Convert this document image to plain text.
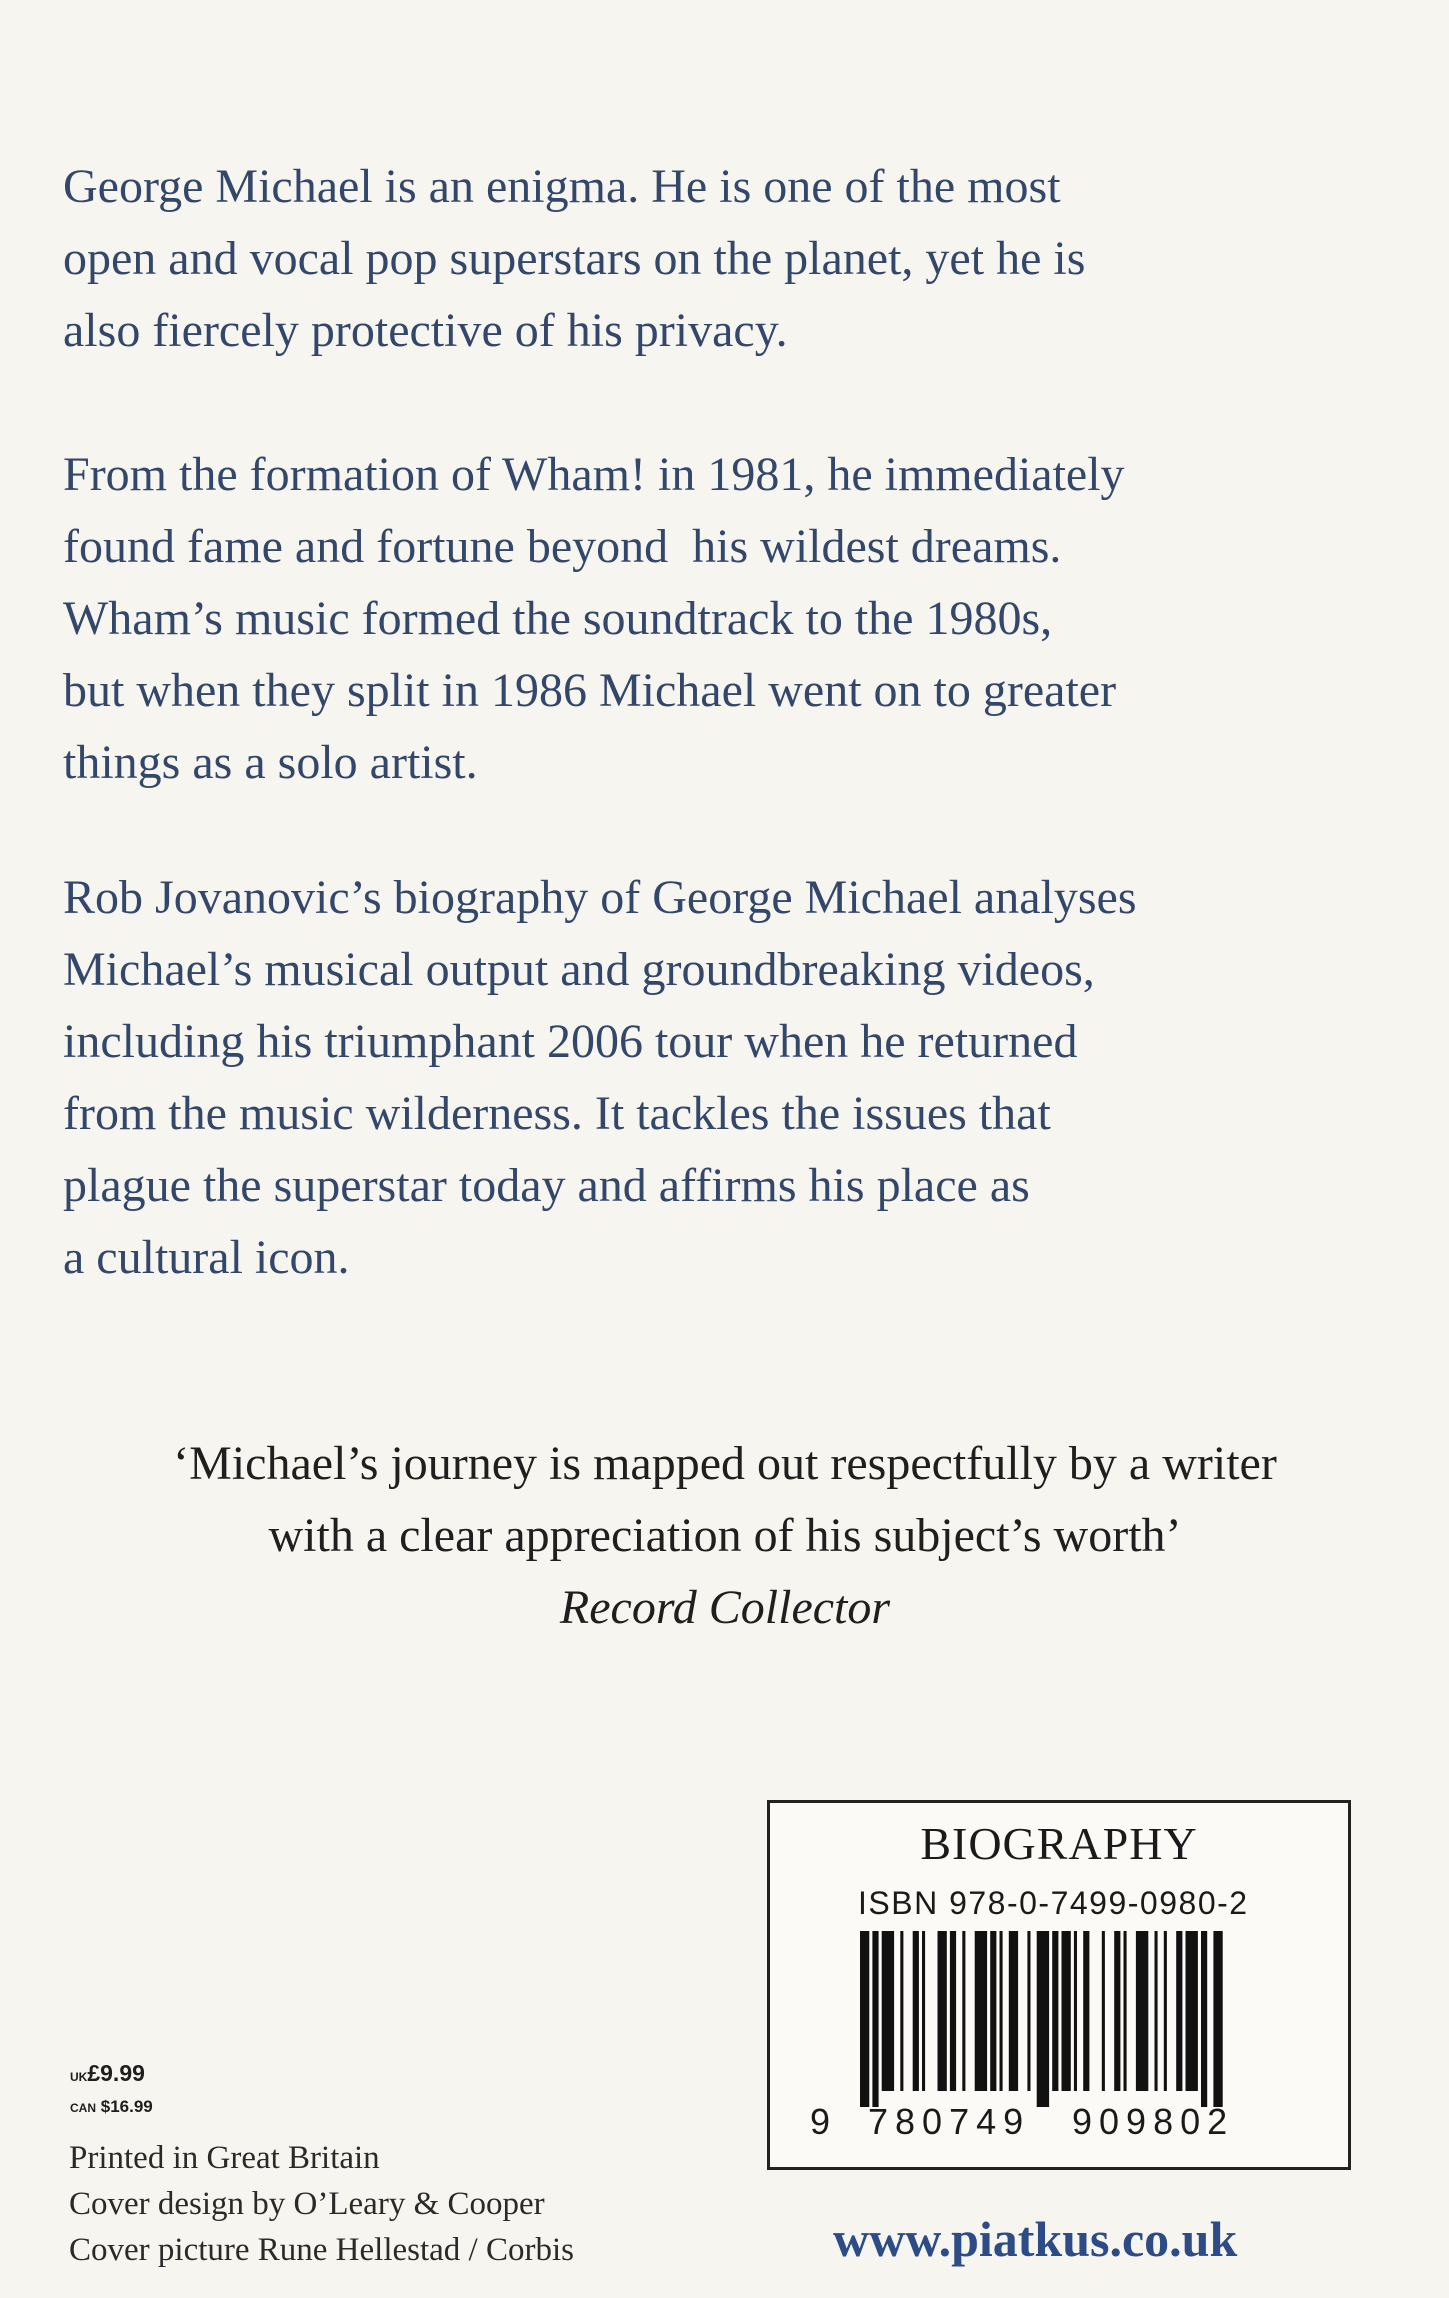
George Michael is an enigma. He is one of the most
open and vocal pop superstars on the planet, yet he is
also fiercely protective of his privacy.
From the formation of Wham! in 1981, he immediately
found fame and fortune beyond  his wildest dreams.
Wham’s music formed the soundtrack to the 1980s,
but when they split in 1986 Michael went on to greater
things as a solo artist.
Rob Jovanovic’s biography of George Michael analyses
Michael’s musical output and groundbreaking videos,
including his triumphant 2006 tour when he returned
from the music wilderness. It tackles the issues that
plague the superstar today and affirms his place as
a cultural icon.
‘Michael’s journey is mapped out respectfully by a writer
with a clear appreciation of his subject’s worth’
Record Collector
BIOGRAPHY
ISBN 978-0-7499-0980-2
9 780749 909802
www.piatkus.co.uk
UK£9.99
CAN $16.99
Printed in Great Britain
Cover design by O’Leary & Cooper
Cover picture Rune Hellestad / Corbis
